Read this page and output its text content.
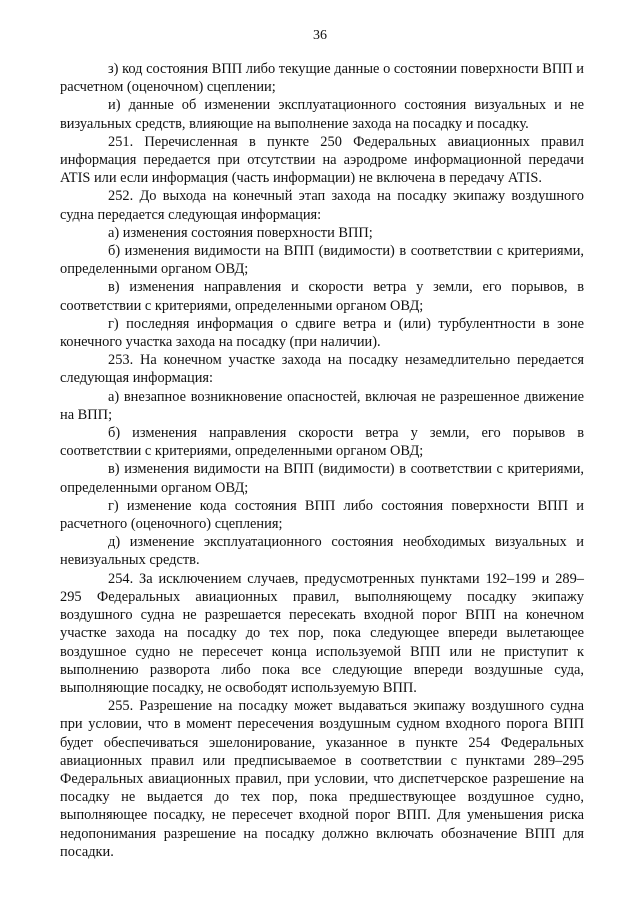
36

з) код состояния ВПП либо текущие данные о состоянии поверхности ВПП и расчетном (оценочном) сцеплении;

и) данные об изменении эксплуатационного состояния визуальных и не визуальных средств, влияющие на выполнение захода на посадку и посадку.

251. Перечисленная в пункте 250 Федеральных авиационных правил информация передается при отсутствии на аэродроме информационной передачи ATIS или если информация (часть информации) не включена в передачу ATIS.

252. До выхода на конечный этап захода на посадку экипажу воздушного судна передается следующая информация:

а) изменения состояния поверхности ВПП;

б) изменения видимости на ВПП (видимости) в соответствии с критериями, определенными органом ОВД;

в) изменения направления и скорости ветра у земли, его порывов, в соответствии с критериями, определенными органом ОВД;

г) последняя информация о сдвиге ветра и (или) турбулентности в зоне конечного участка захода на посадку (при наличии).

253. На конечном участке захода на посадку незамедлительно передается следующая информация:

а) внезапное возникновение опасностей, включая не разрешенное движение на ВПП;

б) изменения направления скорости ветра у земли, его порывов в соответствии с критериями, определенными органом ОВД;

в) изменения видимости на ВПП (видимости) в соответствии с критериями, определенными органом ОВД;

г) изменение кода состояния ВПП либо состояния поверхности ВПП и расчетного (оценочного) сцепления;

д) изменение эксплуатационного состояния необходимых визуальных и невизуальных средств.

254. За исключением случаев, предусмотренных пунктами 192–199 и 289–295 Федеральных авиационных правил, выполняющему посадку экипажу воздушного судна не разрешается пересекать входной порог ВПП на конечном участке захода на посадку до тех пор, пока следующее впереди вылетающее воздушное судно не пересечет конца используемой ВПП или не приступит к выполнению разворота либо пока все следующие впереди воздушные суда, выполняющие посадку, не освободят используемую ВПП.

255. Разрешение на посадку может выдаваться экипажу воздушного судна при условии, что в момент пересечения воздушным судном входного порога ВПП будет обеспечиваться эшелонирование, указанное в пункте 254 Федеральных авиационных правил или предписываемое в соответствии с пунктами 289–295 Федеральных авиационных правил, при условии, что диспетчерское разрешение на посадку не выдается до тех пор, пока предшествующее воздушное судно, выполняющее посадку, не пересечет входной порог ВПП. Для уменьшения риска недопонимания разрешение на посадку должно включать обозначение ВПП для посадки.
